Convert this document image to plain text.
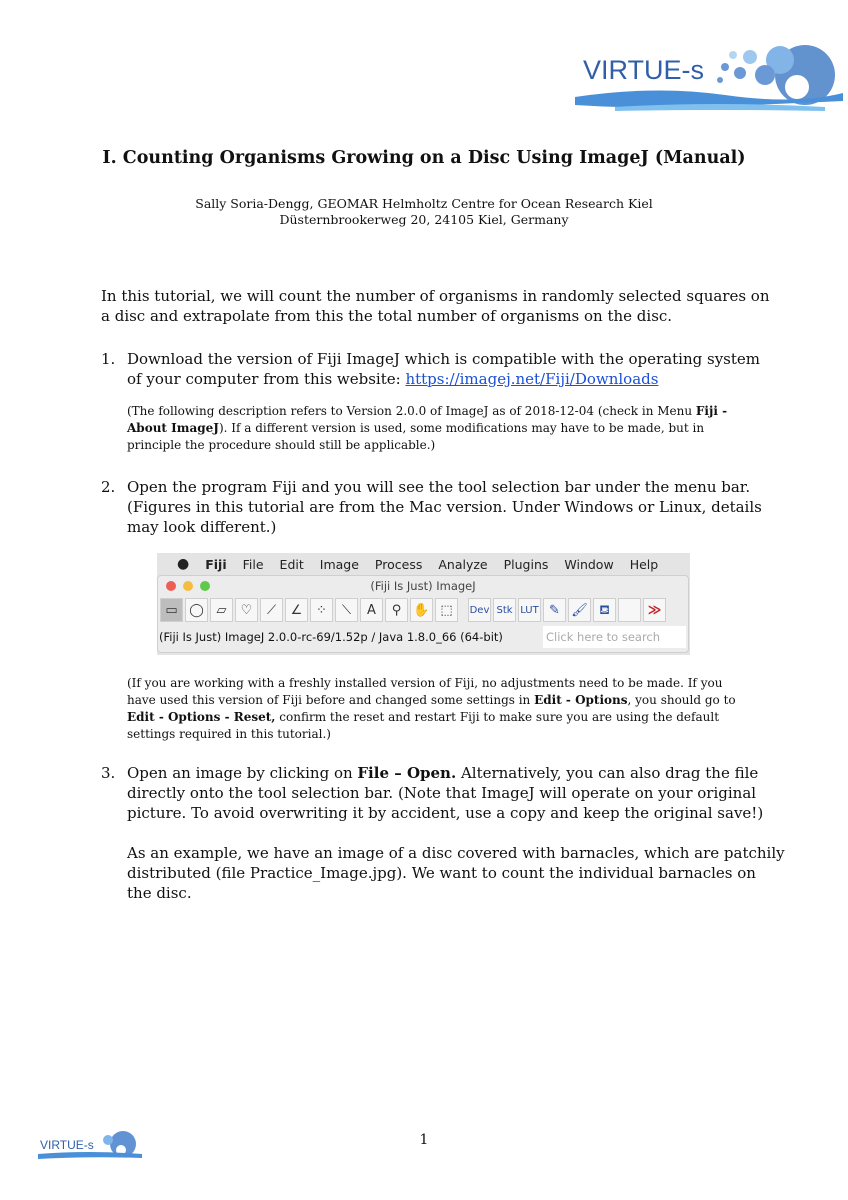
VIRTUE-s
I. Counting Organisms Growing on a Disc Using ImageJ (Manual)
Sally Soria-Dengg, GEOMAR Helmholtz Centre for Ocean Research Kiel
Düsternbrookerweg 20, 24105 Kiel, Germany
In this tutorial, we will count the number of organisms in randomly selected squares on
a disc and extrapolate from this the total number of organisms on the disc.
1. Download the version of Fiji ImageJ which is compatible with the operating system
of your computer from this website: https://imagej.net/Fiji/Downloads
(The following description refers to Version 2.0.0 of ImageJ as of 2018-12-04 (check in Menu Fiji -
About ImageJ). If a different version is used, some modifications may have to be made, but in
principle the procedure should still be applicable.)
2. Open the program Fiji and you will see the tool selection bar under the menu bar.
(Figures in this tutorial are from the Mac version. Under Windows or Linux, details
may look different.)
● Fiji File Edit Image Process Analyze Plugins Window Help
(Fiji Is Just) ImageJ
▭ ◯ ▱	♡	⟋	∠	⁘	⟍	A	⚲ ✋ ⬚	Dev Stk LUT ✎ 🖌 ⛾	≫
(Fiji Is Just) ImageJ 2.0.0-rc-69/1.52p / Java 1.8.0_66 (64-bit)	Click here to search
(If you are working with a freshly installed version of Fiji, no adjustments need to be made. If you
have used this version of Fiji before and changed some settings in Edit - Options, you should go to
Edit - Options - Reset, confirm the reset and restart Fiji to make sure you are using the default
settings required in this tutorial.)
3. Open an image by clicking on File – Open. Alternatively, you can also drag the file
directly onto the tool selection bar. (Note that ImageJ will operate on your original
picture. To avoid overwriting it by accident, use a copy and keep the original save!)
As an example, we have an image of a disc covered with barnacles, which are patchily
distributed (file Practice_Image.jpg). We want to count the individual barnacles on
the disc.
VIRTUE-s	1
